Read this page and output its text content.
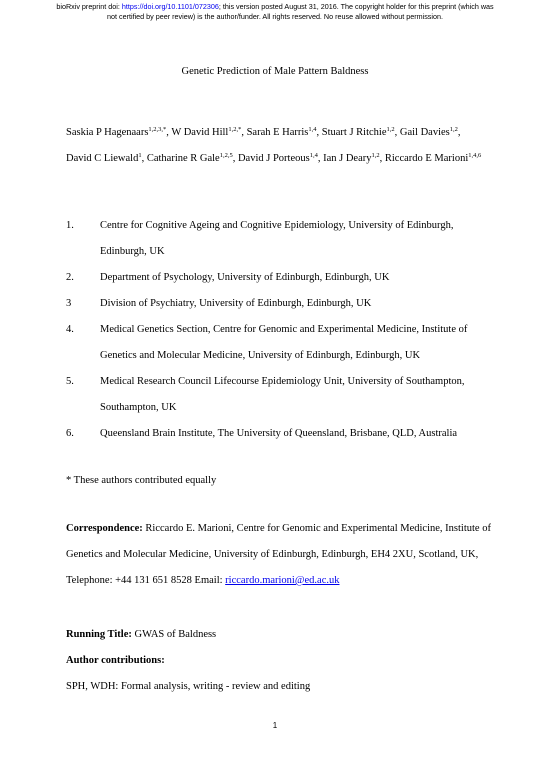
bioRxiv preprint doi: https://doi.org/10.1101/072306; this version posted August 31, 2016. The copyright holder for this preprint (which was
not certified by peer review) is the author/funder. All rights reserved. No reuse allowed without permission.
Genetic Prediction of Male Pattern Baldness
Saskia P Hagenaars$^{1,2,3,*}$, W David Hill$^{1,2,*}$, Sarah E Harris$^{1,4}$, Stuart J Ritchie$^{1,2}$, Gail Davies$^{1,2}$, David C Liewald$^1$, Catharine R Gale$^{1,2,5}$, David J Porteous$^{1,4}$, Ian J Deary$^{1,2}$, Riccardo E Marioni$^{1,4,6}$
1. Centre for Cognitive Ageing and Cognitive Epidemiology, University of Edinburgh, Edinburgh, UK
2. Department of Psychology, University of Edinburgh, Edinburgh, UK
3	Division of Psychiatry, University of Edinburgh, Edinburgh, UK
4. Medical Genetics Section, Centre for Genomic and Experimental Medicine, Institute of Genetics and Molecular Medicine, University of Edinburgh, Edinburgh, UK
5. Medical Research Council Lifecourse Epidemiology Unit, University of Southampton, Southampton, UK
6. Queensland Brain Institute, The University of Queensland, Brisbane, QLD, Australia
* These authors contributed equally
Correspondence: Riccardo E. Marioni, Centre for Genomic and Experimental Medicine, Institute of Genetics and Molecular Medicine, University of Edinburgh, Edinburgh, EH4 2XU, Scotland, UK, Telephone: +44 131 651 8528 Email: riccardo.marioni@ed.ac.uk
Running Title: GWAS of Baldness
Author contributions:
SPH, WDH: Formal analysis, writing - review and editing
1
